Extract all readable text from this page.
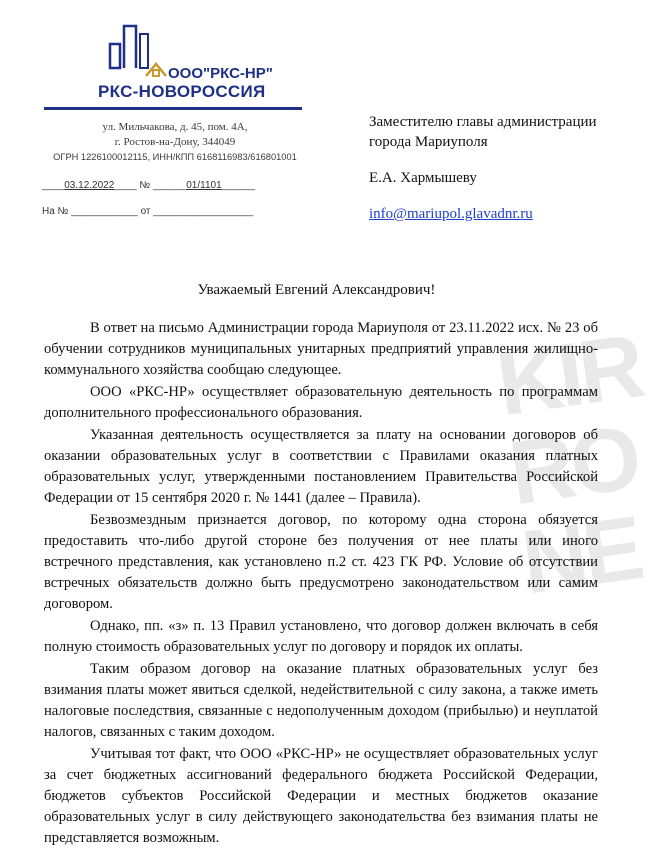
KIR
RO
NE
ООО"РКС-НР"
РКС-НОВОРОССИЯ
ул. Мильчакова, д. 45, пом. 4А,
г. Ростов-на-Дону, 344049
ОГРН 1226100012115, ИНН/КПП 6168116983/616801001
____03.12.2022____ № ______01/1101______
На № ____________ от __________________
Заместителю главы администрации города Мариуполя
Е.А. Хармышеву
info@mariupol.glavadnr.ru
Уважаемый Евгений Александрович!

В ответ на письмо Администрации города Мариуполя от 23.11.2022 исх. № 23 об обучении сотрудников муниципальных унитарных предприятий управления жилищно-коммунального хозяйства сообщаю следующее.

ООО «РКС-НР» осуществляет образовательную деятельность по программам дополнительного профессионального образования.

Указанная деятельность осуществляется за плату на основании договоров об оказании образовательных услуг в соответствии с Правилами оказания платных образовательных услуг, утвержденными постановлением Правительства Российской Федерации от 15 сентября 2020 г. № 1441 (далее – Правила).

Безвозмездным признается договор, по которому одна сторона обязуется предоставить что-либо другой стороне без получения от нее платы или иного встречного представления, как установлено п.2 ст. 423 ГК РФ. Условие об отсутствии встречных обязательств должно быть предусмотрено законодательством или самим договором.

Однако, пп. «з» п. 13 Правил установлено, что договор должен включать в себя полную стоимость образовательных услуг по договору и порядок их оплаты.

Таким образом договор на оказание платных образовательных услуг без взимания платы может явиться сделкой, недействительной с силу закона, а также иметь налоговые последствия, связанные с недополученным доходом (прибылью) и неуплатой налогов, связанных с таким доходом.

Учитывая тот факт, что ООО «РКС-НР» не осуществляет образовательных услуг за счет бюджетных ассигнований федерального бюджета Российской Федерации, бюджетов субъектов Российской Федерации и местных бюджетов оказание образовательных услуг в силу действующего законодательства без взимания платы не представляется возможным.
